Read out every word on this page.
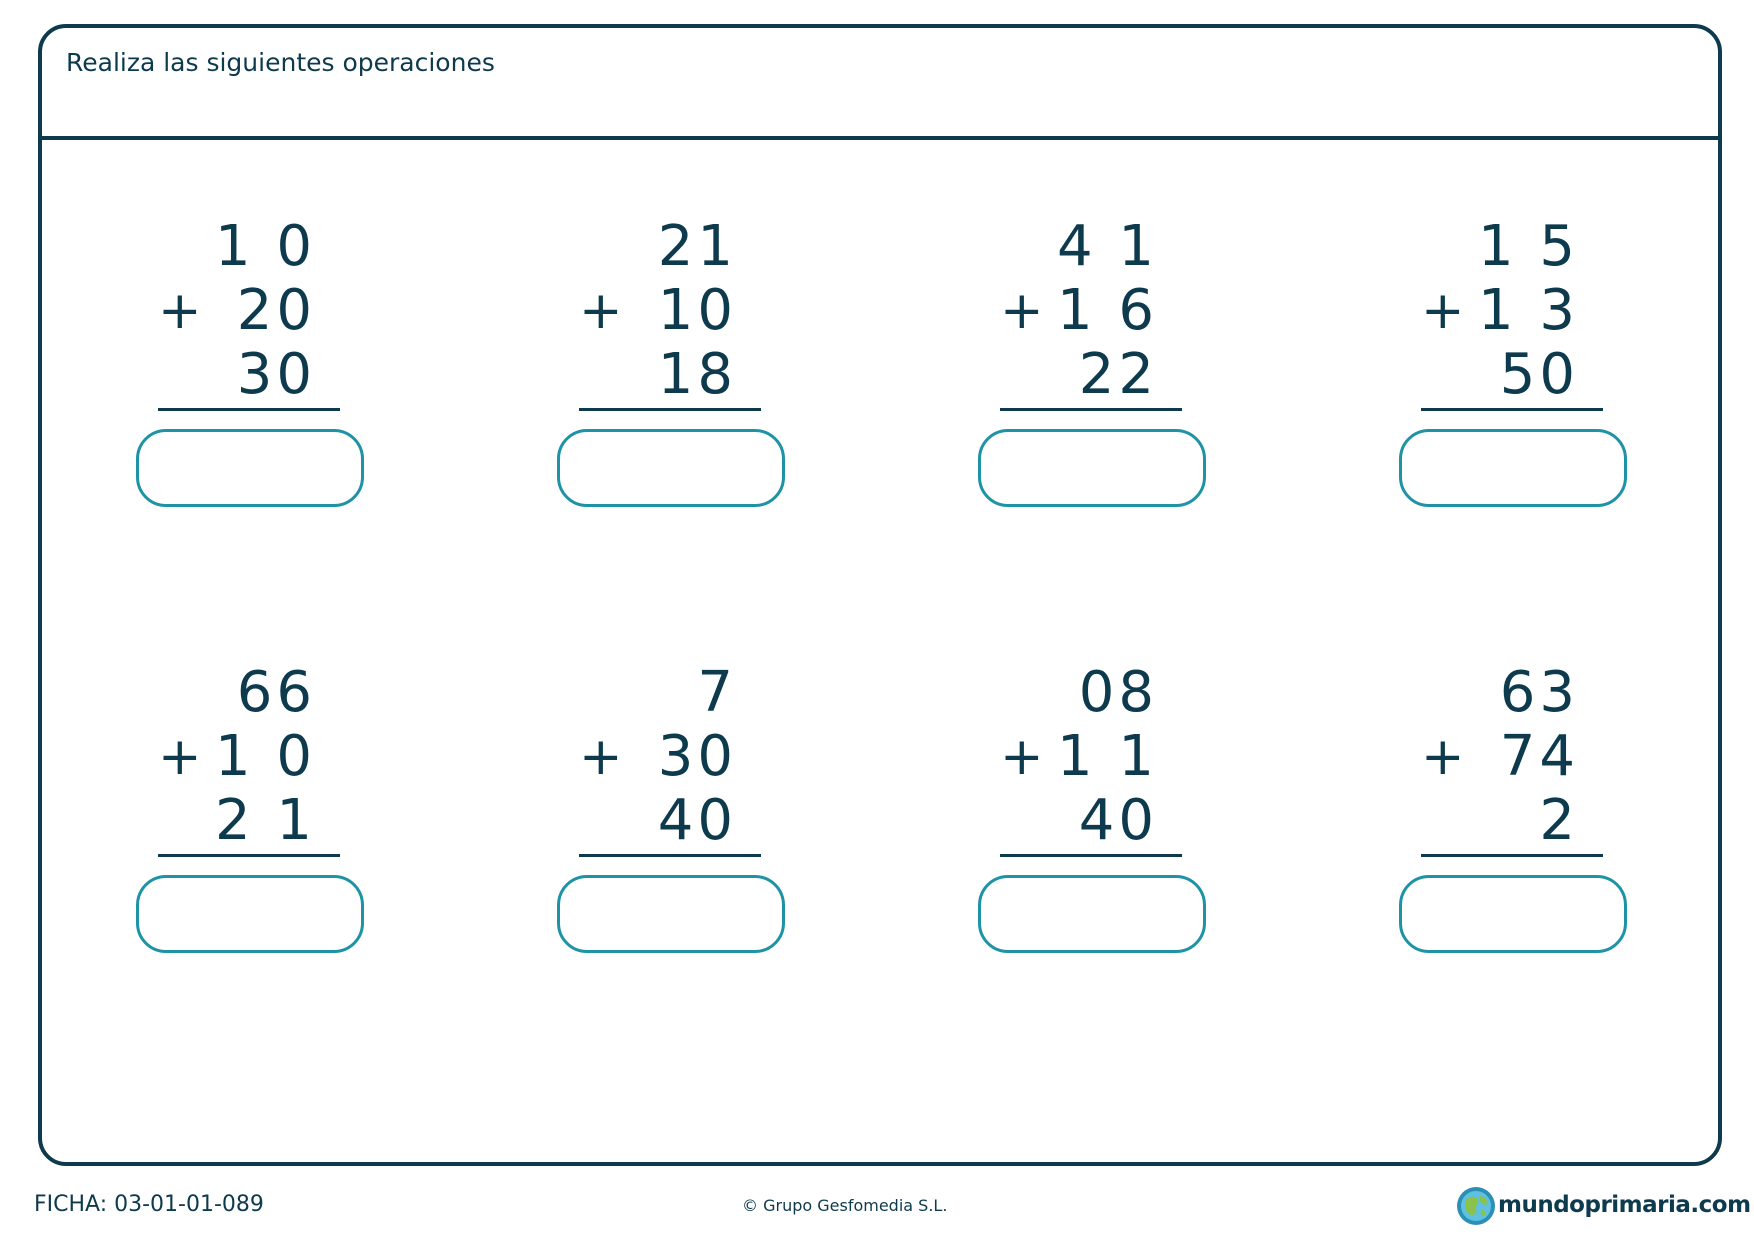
Realiza las siguientes operaciones
1 0
+ 20
30
21
+ 10
18
4 1
+ 1 6
22
1 5
+ 1 3
50
66
+ 1 0
2 1
7
+ 30
40
08
+ 1 1
40
63
+ 74
2
FICHA: 03-01-01-089	© Grupo Gesfomedia S.L.	mundoprimaria.com
